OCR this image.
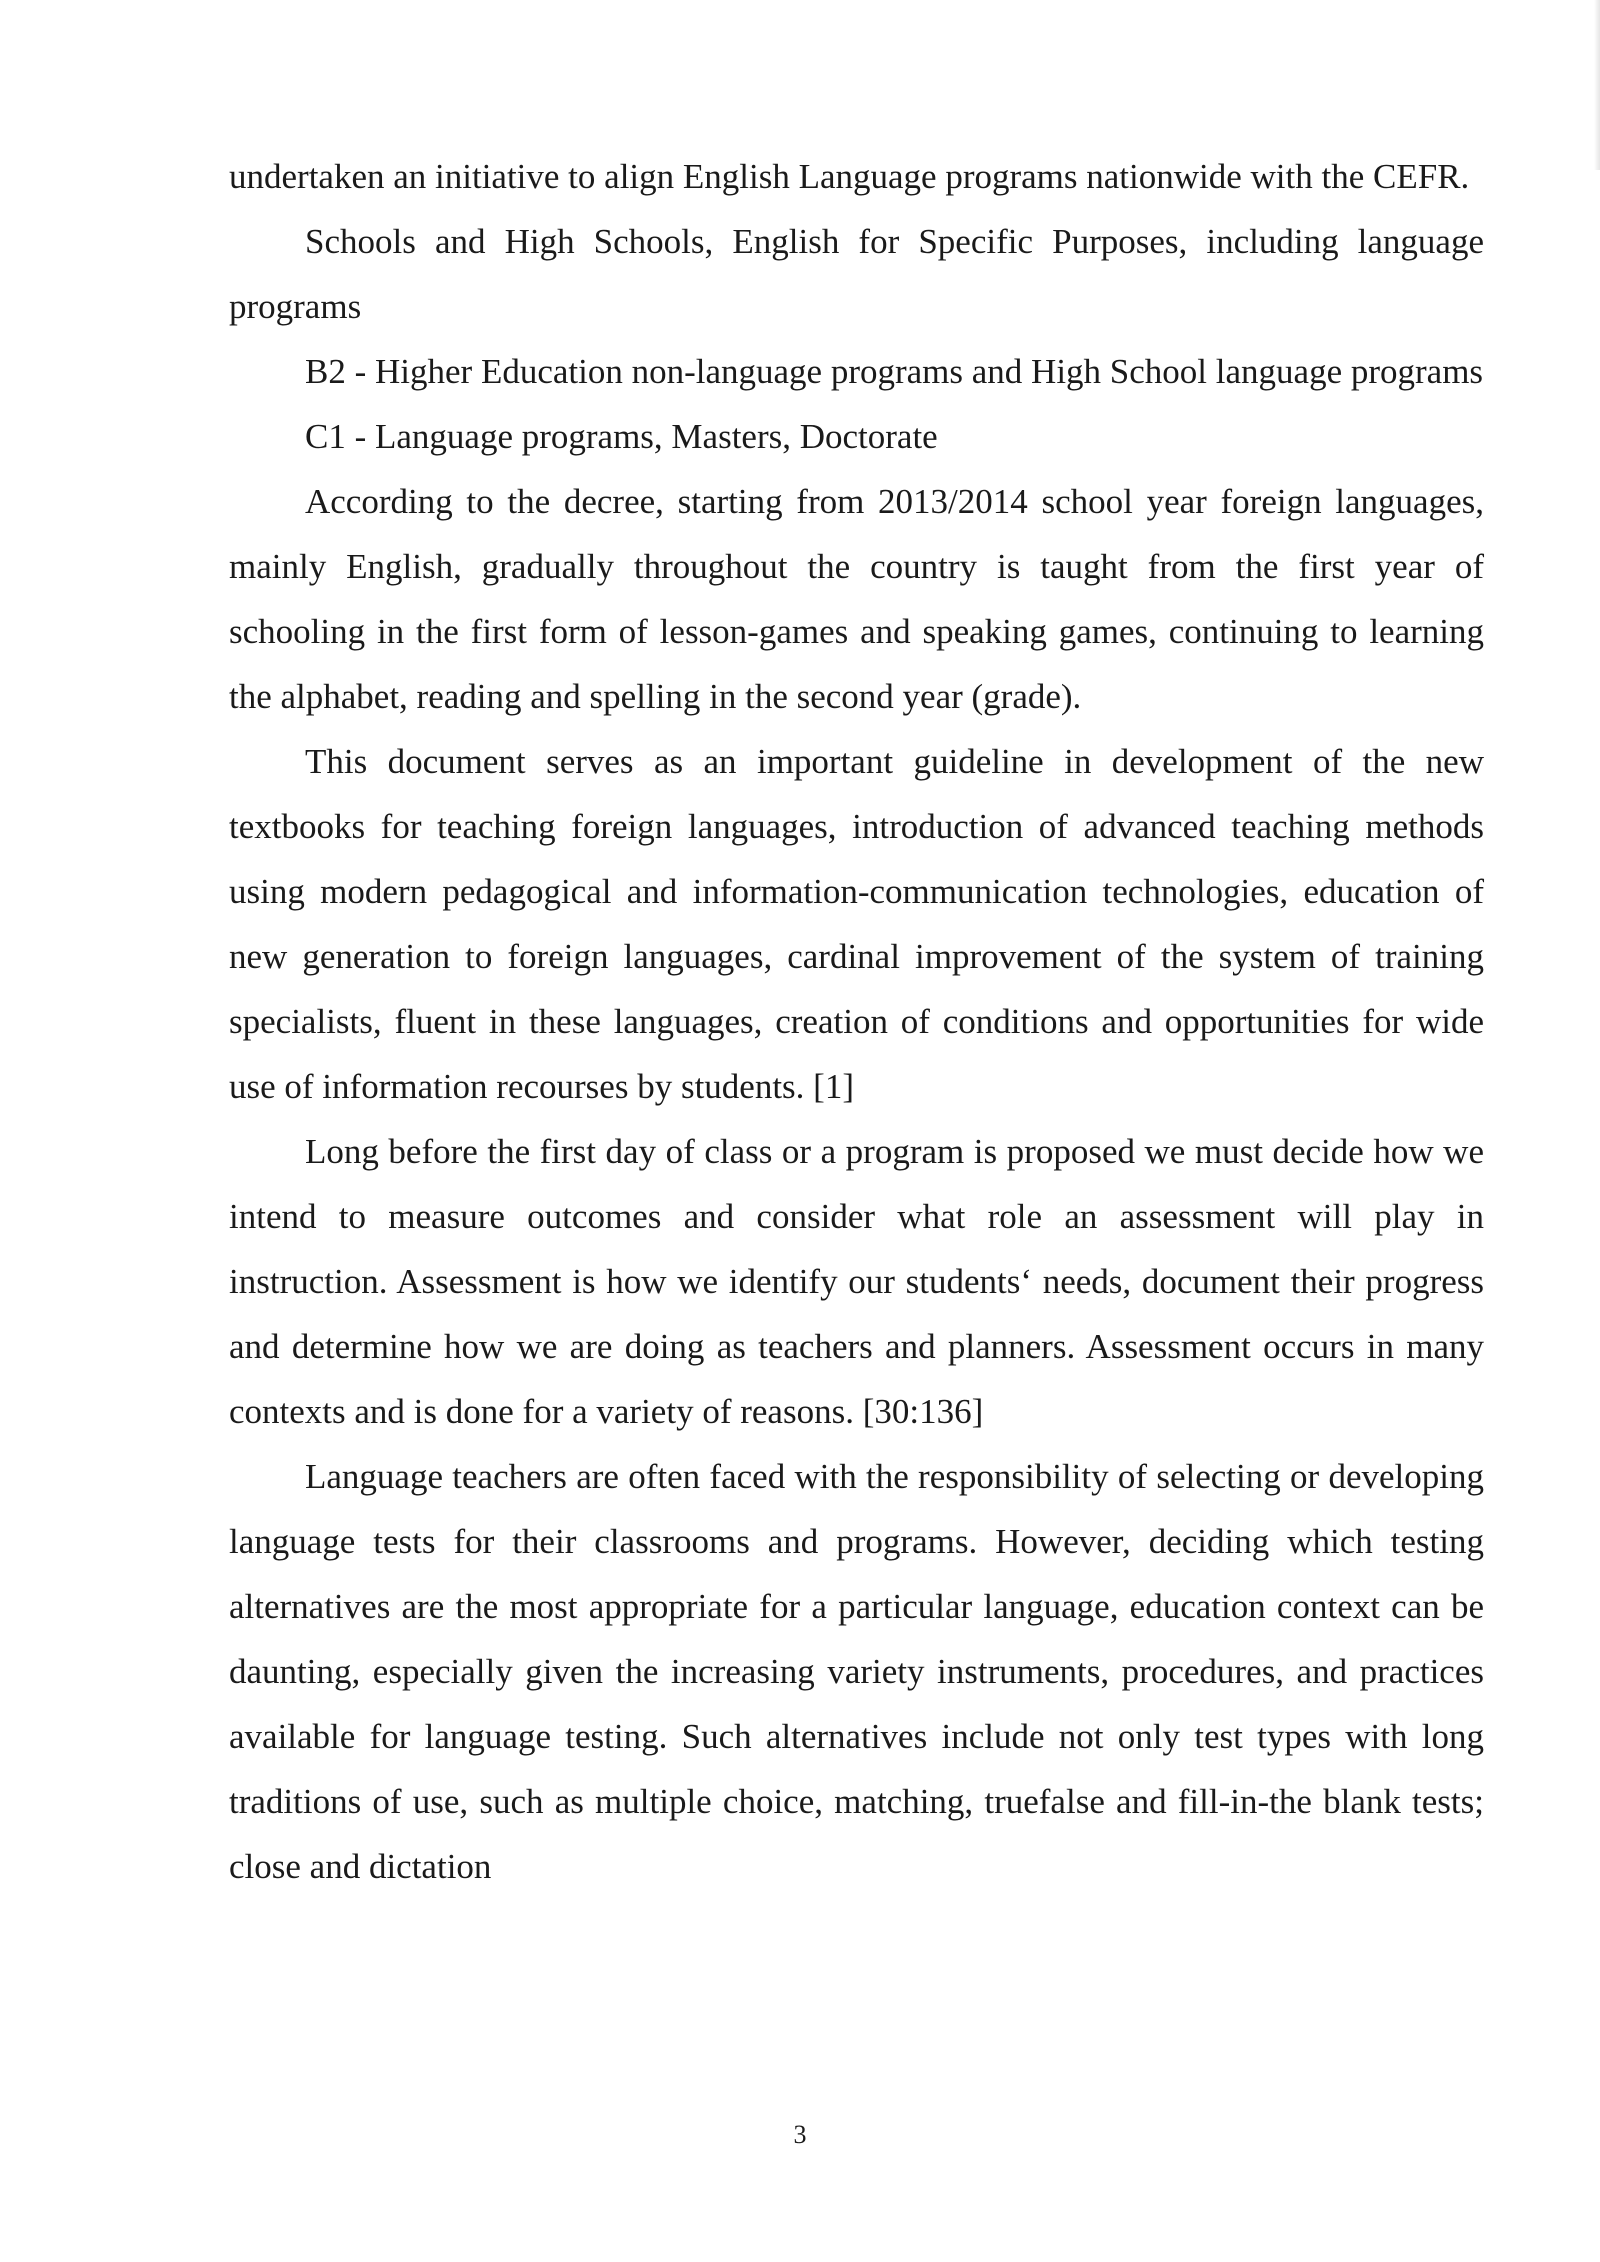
undertaken an initiative to align English Language programs nationwide with the CEFR.

Schools and High Schools, English for Specific Purposes, including language programs

B2 - Higher Education non-language programs and High School language programs

C1 - Language programs, Masters, Doctorate

According to the decree, starting from 2013/2014 school year foreign languages, mainly English, gradually throughout the country is taught from the first year of schooling in the first form of lesson-games and speaking games, continuing to learning the alphabet, reading and spelling in the second year (grade).

This document serves as an important guideline in development of the new textbooks for teaching foreign languages, introduction of advanced teaching methods using modern pedagogical and information-communication technologies, education of new generation to foreign languages, cardinal improvement of the system of training specialists, fluent in these languages, creation of conditions and opportunities for wide use of information recourses by students. [1]

Long before the first day of class or a program is proposed we must decide how we intend to measure outcomes and consider what role an assessment will play in instruction. Assessment is how we identify our students‘ needs, document their progress and determine how we are doing as teachers and planners. Assessment occurs in many contexts and is done for a variety of reasons. [30:136]

Language teachers are often faced with the responsibility of selecting or developing language tests for their classrooms and programs. However, deciding which testing alternatives are the most appropriate for a particular language, education context can be daunting, especially given the increasing variety instruments, procedures, and practices available for language testing. Such alternatives include not only test types with long traditions of use, such as multiple choice, matching, truefalse and fill-in-the blank tests; close and dictation

3
